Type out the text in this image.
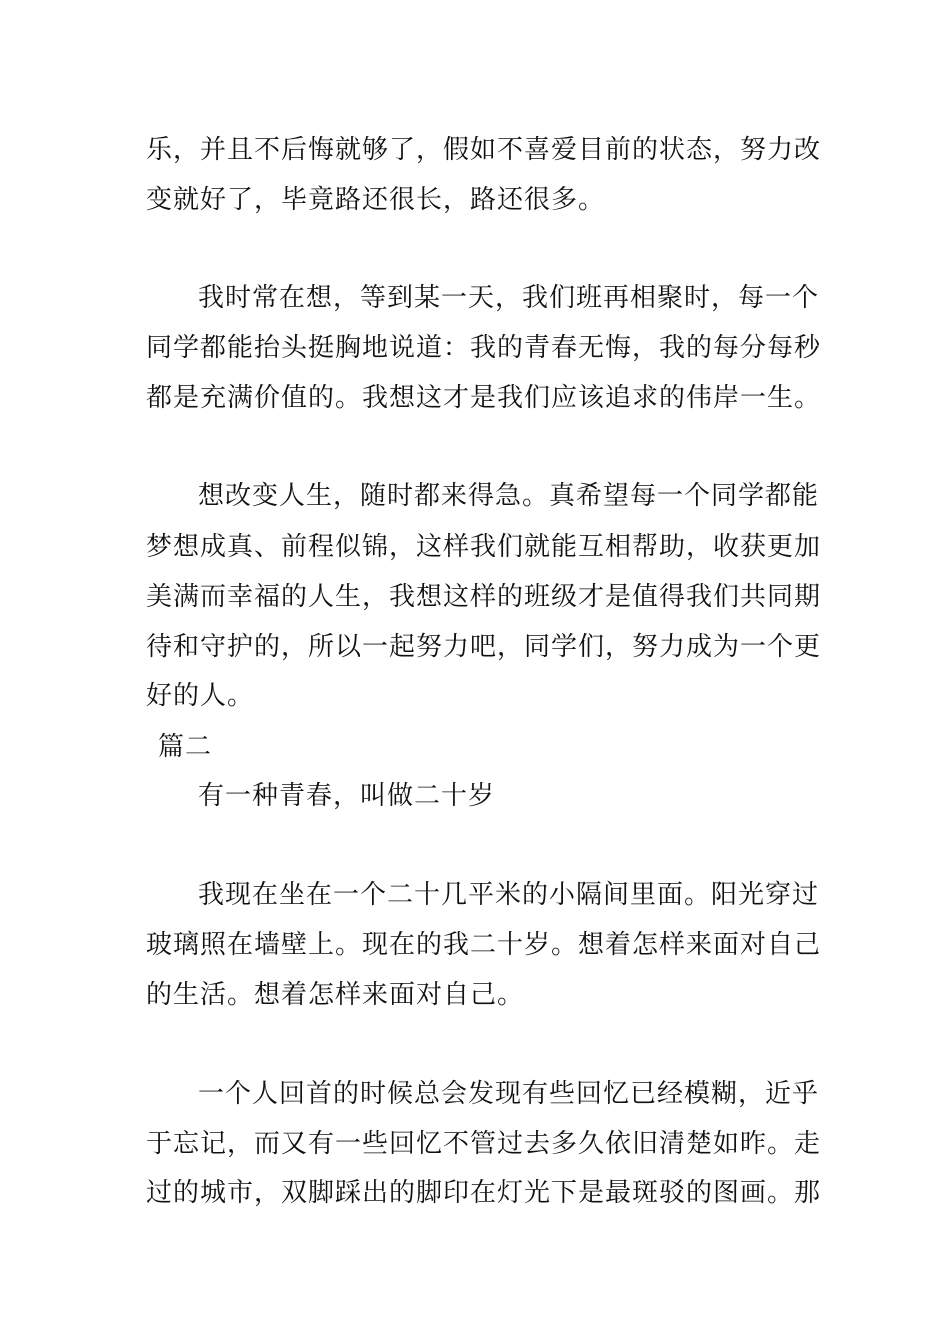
乐，并且不后悔就够了，假如不喜爱目前的状态，努力改
变就好了，毕竟路还很长，路还很多。
我时常在想，等到某一天，我们班再相聚时，每一个
同学都能抬头挺胸地说道：我的青春无悔，我的每分每秒
都是充满价值的。我想这才是我们应该追求的伟岸一生。
想改变人生，随时都来得急。真希望每一个同学都能
梦想成真、前程似锦，这样我们就能互相帮助，收获更加
美满而幸福的人生，我想这样的班级才是值得我们共同期
待和守护的，所以一起努力吧，同学们，努力成为一个更
好的人。
篇二
有一种青春，叫做二十岁
我现在坐在一个二十几平米的小隔间里面。阳光穿过
玻璃照在墙壁上。现在的我二十岁。想着怎样来面对自己
的生活。想着怎样来面对自己。
一个人回首的时候总会发现有些回忆已经模糊，近乎
于忘记，而又有一些回忆不管过去多久依旧清楚如昨。走
过的城市，双脚踩出的脚印在灯光下是最斑驳的图画。那
